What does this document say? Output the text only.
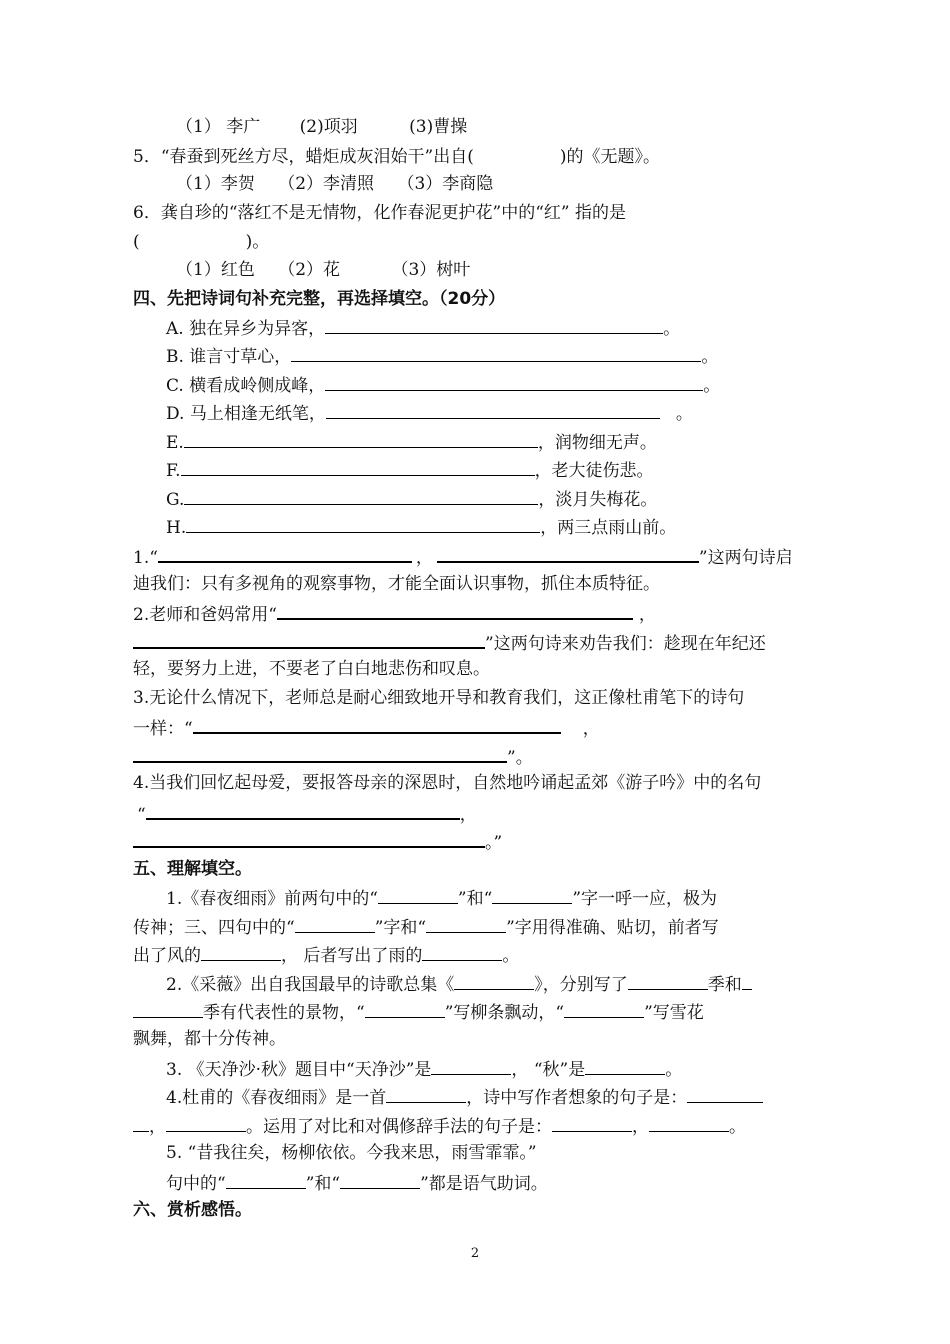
（1） 李广 (2)项羽	(3)曹操
5．“春蚕到死丝方尽，蜡炬成灰泪始干”出自(	)的《无题》。
（1）李贺 （2）李清照 （3）李商隐
6．龚自珍的“落红不是无情物，化作春泥更护花”中的“红” 指的是
(	)。
（1）红色 （2）花	（3）树叶
四、先把诗词句补充完整，再选择填空。（20分）
A. 独在异乡为异客，	。
B. 谁言寸草心，	。
C. 横看成岭侧成峰，	。
D. 马上相逢无纸笔，	。
E.	，润物细无声。
F.	，老大徒伤悲。
G.	，淡月失梅花。
H.	，两三点雨山前。
1.“	，	”这两句诗启
迪我们：只有多视角的观察事物，才能全面认识事物，抓住本质特征。
2.老师和爸妈常用“	，
”这两句诗来劝告我们：趁现在年纪还
轻，要努力上进，不要老了白白地悲伤和叹息。
3.无论什么情况下，老师总是耐心细致地开导和教育我们，这正像杜甫笔下的诗句
一样：“	，
”。
4.当我们回忆起母爱，要报答母亲的深恩时，自然地吟诵起孟郊《游子吟》中的名句
“	，
。”
五、理解填空。
1.《春夜细雨》前两句中的“	”和“	”字一呼一应，极为
传神；三、四句中的“	”字和“	”字用得准确、贴切，前者写
出了风的	， 后者写出了雨的	。
2.《采薇》出自我国最早的诗歌总集《	》，分别写了	季和
季有代表性的景物，“	”写柳条飘动，“	”写雪花
飘舞，都十分传神。
3. 《天净沙·秋》题目中“天净沙”是	， “秋”是	。
4.杜甫的《春夜细雨》是一首	，诗中写作者想象的句子是：
，	。运用了对比和对偶修辞手法的句子是：	，	。
5. “昔我往矣，杨柳依依。今我来思，雨雪霏霏。”
句中的“	”和“	”都是语气助词。
六、赏析感悟。
2
